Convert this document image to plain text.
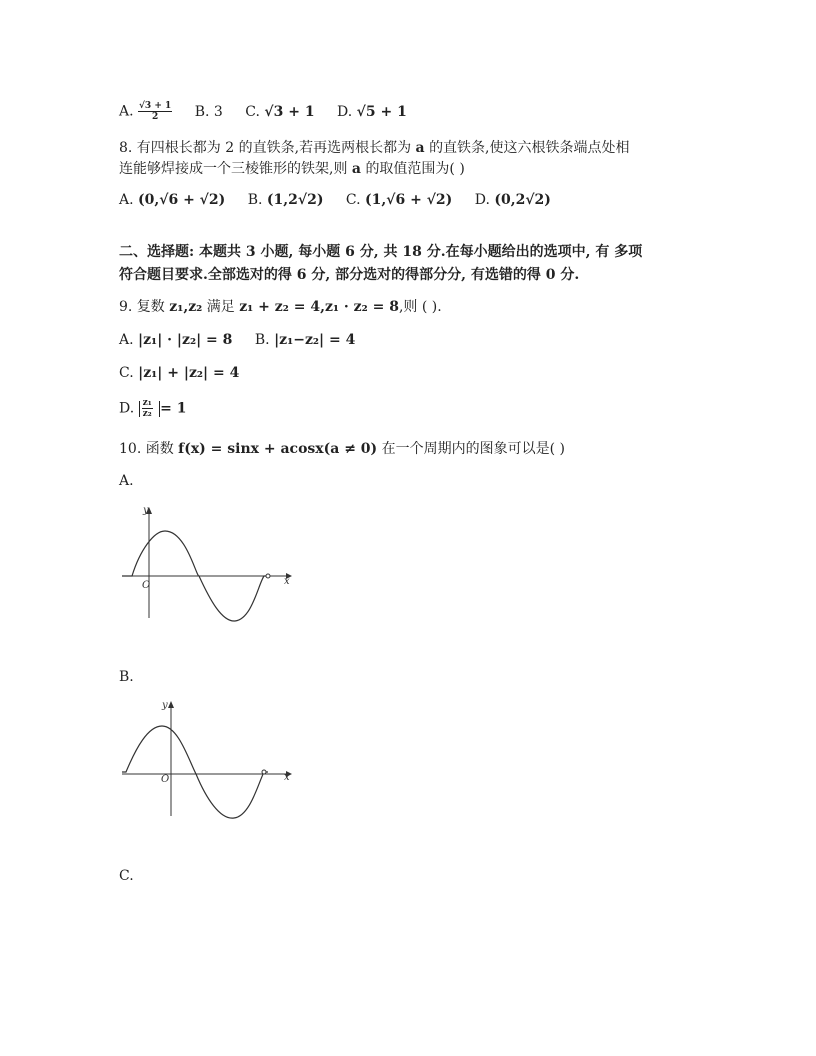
A. $\frac{√3 + 1}{2} B$. 3 C. √3 + 1 D. √5 + 1
8. 有四根长都为 2 的直铁条,若再选两根长都为 a 的直铁条,使这六根铁条端点处相
连能够焊接成一个三棱锥形的铁架,则 a 的取值范围为( )
A. (0,√6 + √2) B. (1,2√2) C. (1,√6 + √2) D. (0,2√2)
二、选择题: 本题共 3 小题, 每小题 6 分, 共 18 分.在每小题给出的选项中, 有 多项
符合题目要求.全部选对的得 6 分, 部分选对的得部分分, 有选错的得 0 分.
9. 复数 z₁,z₂ 满足 z₁ + z₂ = 4,z₁ · z₂ = 8,则 ( ).
A. |z₁| · |z₂| = 8 B. |z₁−z₂| = 4
C. |z₁| + |z₂| = 4
D. $\frac{\text{z₁}}{\text{z₂}} = 1$
10. 函数 f(x) = sinx + acosx(a ≠ 0) 在一个周期内的图象可以是( )
A.
y
x
O
B.
y
x
O
C.
